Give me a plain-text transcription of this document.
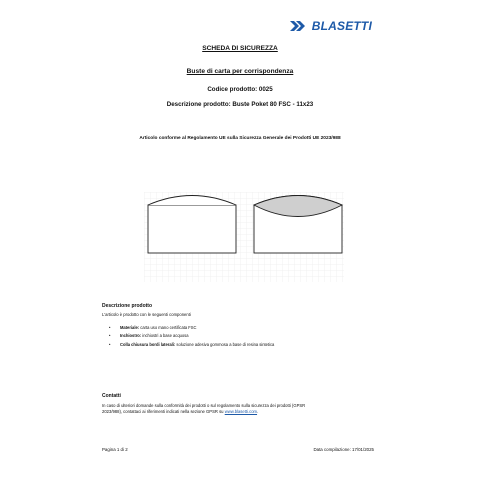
BLASETTI
SCHEDA DI SICUREZZA
Buste di carta per corrispondenza
Codice prodotto: 0025
Descrizione prodotto: Buste Poket 80 FSC - 11x23
Articolo conforme al Regolamento UE sulla Sicurezza Generale dei Prodotti UE 2023/988
Descrizione prodotto
L'articolo è prodotto con le seguenti componenti
• Materiale: carta uso mano certificata FSC
• Inchiostro: inchiostri a base acquosa
• Colla chiusura bordi laterali: soluzione adesiva gommosa a base di resina sintetica
Contatti
In caso di ulteriori domande sulla conformità dei prodotti o sul regolamento sulla sicurezza dei prodotti (GPSR
2023/988), contattaci ai riferimenti indicati nella sezione GPSR su www.blasetti.com.
Pagina 1 di 2	Data compilazione: 17/01/2025
